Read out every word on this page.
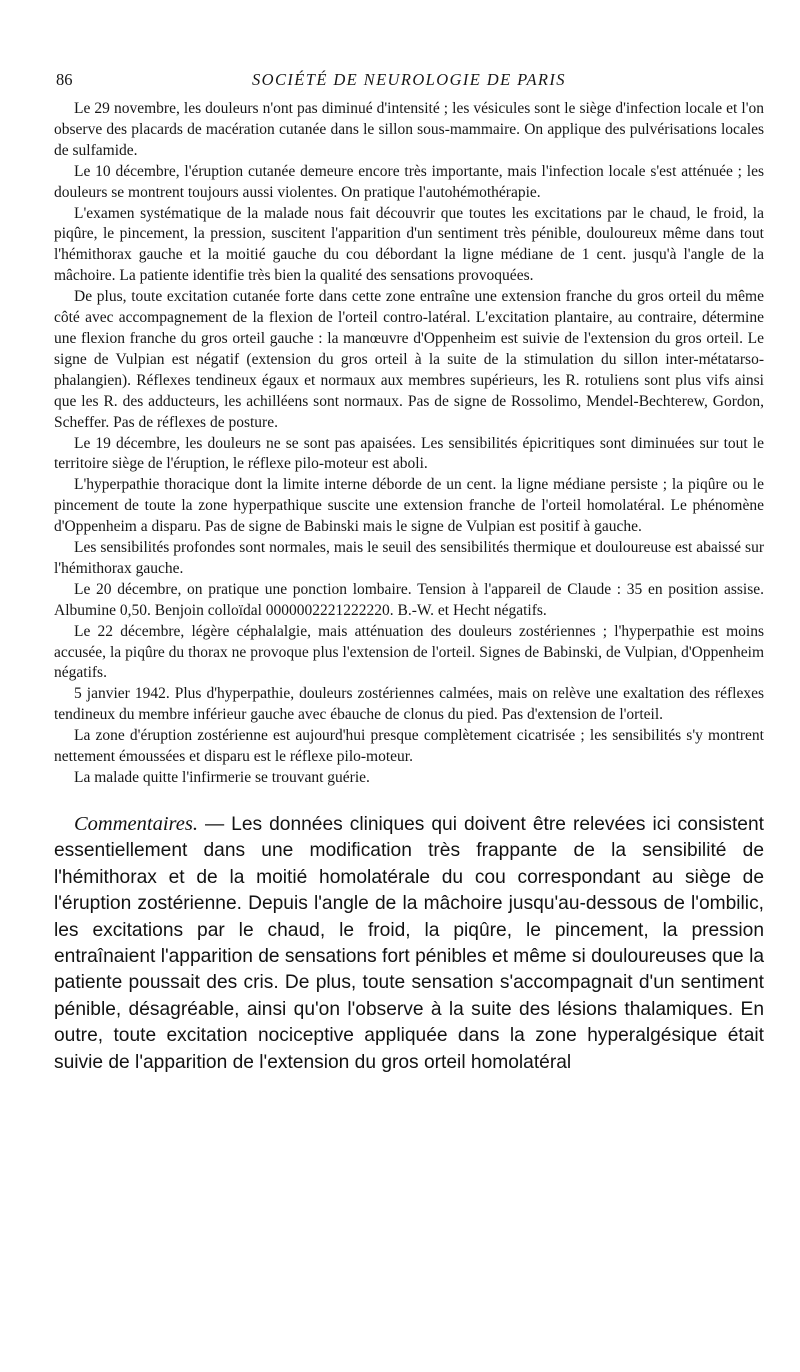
86	SOCIÉTÉ DE NEUROLOGIE DE PARIS

Le 29 novembre, les douleurs n'ont pas diminué d'intensité ; les vésicules sont le siège d'infection locale et l'on observe des placards de macération cutanée dans le sillon sous-mammaire. On applique des pulvérisations locales de sulfamide.

Le 10 décembre, l'éruption cutanée demeure encore très importante, mais l'infection locale s'est atténuée ; les douleurs se montrent toujours aussi violentes. On pratique l'autohémothérapie.

L'examen systématique de la malade nous fait découvrir que toutes les excitations par le chaud, le froid, la piqûre, le pincement, la pression, suscitent l'apparition d'un sentiment très pénible, douloureux même dans tout l'hémithorax gauche et la moitié gauche du cou débordant la ligne médiane de 1 cent. jusqu'à l'angle de la mâchoire. La patiente identifie très bien la qualité des sensations provoquées.

De plus, toute excitation cutanée forte dans cette zone entraîne une extension franche du gros orteil du même côté avec accompagnement de la flexion de l'orteil contro-latéral. L'excitation plantaire, au contraire, détermine une flexion franche du gros orteil gauche : la manœuvre d'Oppenheim est suivie de l'extension du gros orteil. Le signe de Vulpian est négatif (extension du gros orteil à la suite de la stimulation du sillon inter-métatarso-phalangien). Réflexes tendineux égaux et normaux aux membres supérieurs, les R. rotuliens sont plus vifs ainsi que les R. des adducteurs, les achilléens sont normaux. Pas de signe de Rossolimo, Mendel-Bechterew, Gordon, Scheffer. Pas de réflexes de posture.

Le 19 décembre, les douleurs ne se sont pas apaisées. Les sensibilités épicritiques sont diminuées sur tout le territoire siège de l'éruption, le réflexe pilo-moteur est aboli.

L'hyperpathie thoracique dont la limite interne déborde de un cent. la ligne médiane persiste ; la piqûre ou le pincement de toute la zone hyperpathique suscite une extension franche de l'orteil homolatéral. Le phénomène d'Oppenheim a disparu. Pas de signe de Babinski mais le signe de Vulpian est positif à gauche.

Les sensibilités profondes sont normales, mais le seuil des sensibilités thermique et douloureuse est abaissé sur l'hémithorax gauche.

Le 20 décembre, on pratique une ponction lombaire. Tension à l'appareil de Claude : 35 en position assise. Albumine 0,50. Benjoin colloïdal 0000002221222220. B.-W. et Hecht négatifs.

Le 22 décembre, légère céphalalgie, mais atténuation des douleurs zostériennes ; l'hyperpathie est moins accusée, la piqûre du thorax ne provoque plus l'extension de l'orteil. Signes de Babinski, de Vulpian, d'Oppenheim négatifs.

5 janvier 1942. Plus d'hyperpathie, douleurs zostériennes calmées, mais on relève une exaltation des réflexes tendineux du membre inférieur gauche avec ébauche de clonus du pied. Pas d'extension de l'orteil.

La zone d'éruption zostérienne est aujourd'hui presque complètement cicatrisée ; les sensibilités s'y montrent nettement émoussées et disparu est le réflexe pilo-moteur.

La malade quitte l'infirmerie se trouvant guérie.

Commentaires. — Les données cliniques qui doivent être relevées ici consistent essentiellement dans une modification très frappante de la sensibilité de l'hémithorax et de la moitié homolatérale du cou correspondant au siège de l'éruption zostérienne. Depuis l'angle de la mâchoire jusqu'au-dessous de l'ombilic, les excitations par le chaud, le froid, la piqûre, le pincement, la pression entraînaient l'apparition de sensations fort pénibles et même si douloureuses que la patiente poussait des cris. De plus, toute sensation s'accompagnait d'un sentiment pénible, désagréable, ainsi qu'on l'observe à la suite des lésions thalamiques. En outre, toute excitation nociceptive appliquée dans la zone hyperalgésique était suivie de l'apparition de l'extension du gros orteil homolatéral
